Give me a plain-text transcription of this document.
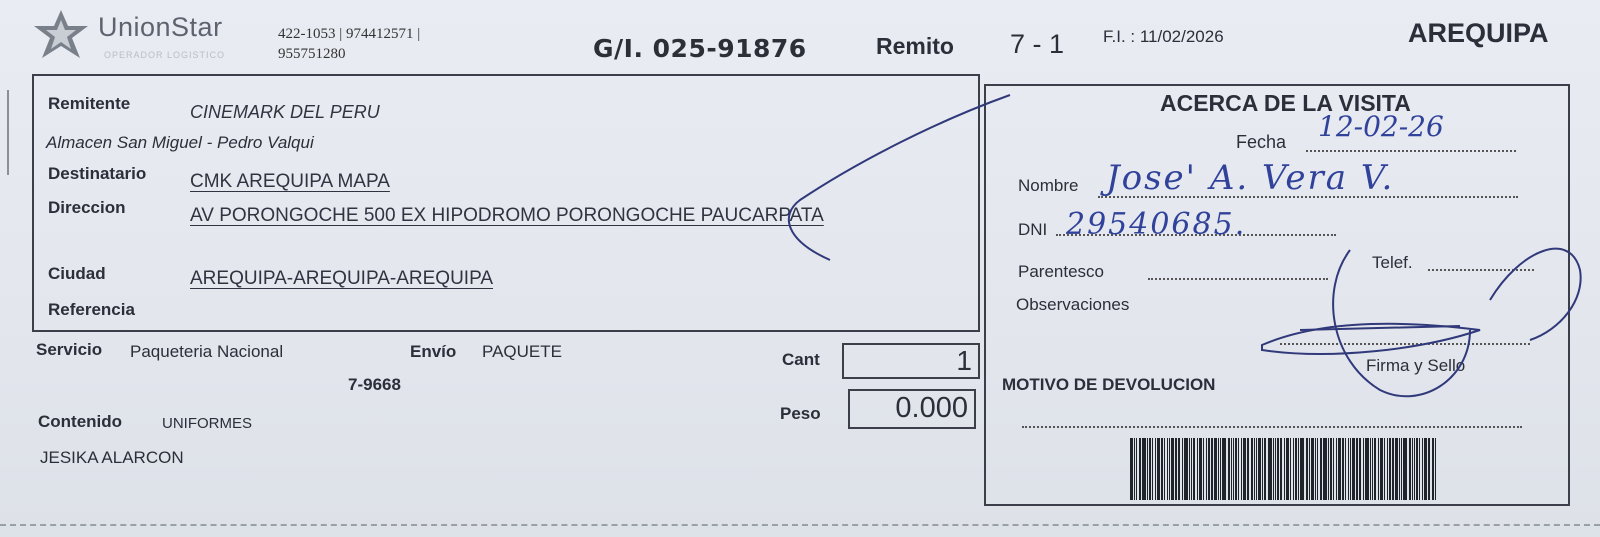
UnionStar
OPERADOR LOGISTICO
422-1053 | 974412571 | 955751280	G/I. 025-91876	Remito 7 - 1 F.I. : 11/02/2026	AREQUIPA
Remitente	CINEMARK DEL PERU
Almacen San Miguel - Pedro Valqui
Destinatario CMK AREQUIPA MAPA
Direccion	AV PORONGOCHE 500 EX HIPODROMO PORONGOCHE PAUCARPATA
Ciudad	AREQUIPA-AREQUIPA-AREQUIPA
Referencia
Servicio Paqueteria Nacional	Envío PAQUETE
7-9668
Cant	1
Peso	0.000
Contenido	UNIFORMES
JESIKA ALARCON
ACERCA DE LA VISITA
Fecha 12-02-26
Nombre Jose' A. Vera V.
DNI 29540685.
Parentesco	Telef.
Observaciones
Firma y Sello
MOTIVO DE DEVOLUCION
